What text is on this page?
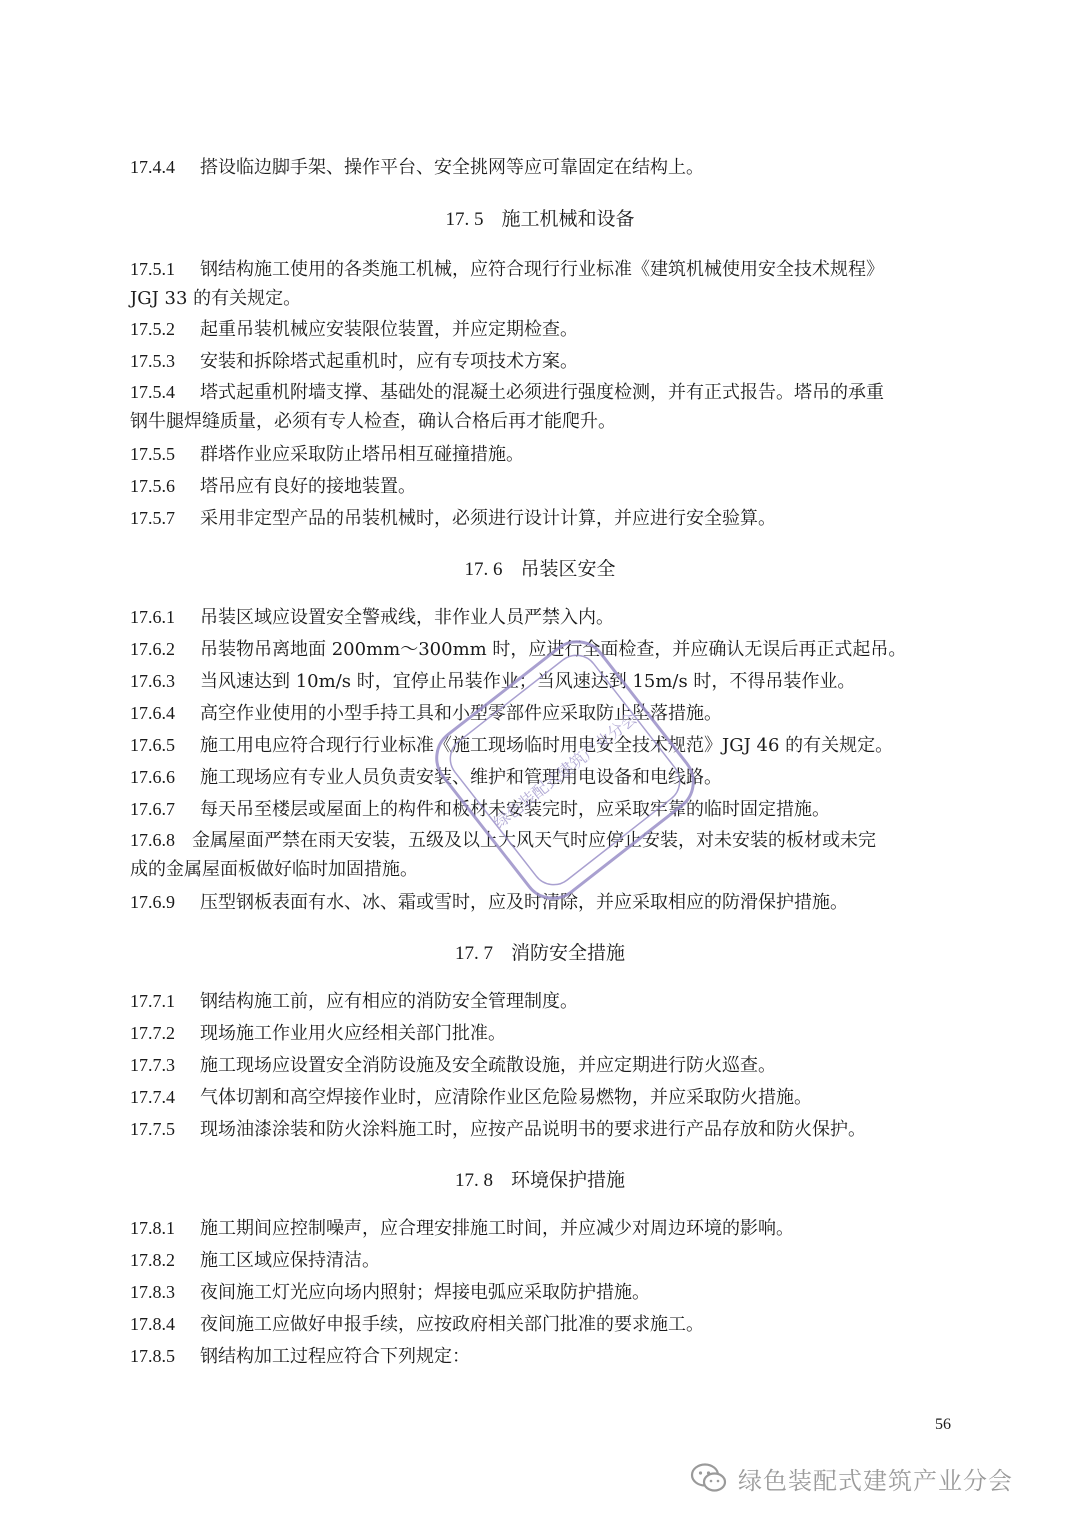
17.4.4 搭设临边脚手架、操作平台、安全挑网等应可靠固定在结构上。
17. 5 施工机械和设备
17.5.1 钢结构施工使用的各类施工机械，应符合现行行业标准《建筑机械使用安全技术规程》
JGJ 33 的有关规定。
17.5.2 起重吊装机械应安装限位装置，并应定期检查。
17.5.3 安装和拆除塔式起重机时，应有专项技术方案。
17.5.4 塔式起重机附墙支撑、基础处的混凝土必须进行强度检测，并有正式报告。塔吊的承重
钢牛腿焊缝质量，必须有专人检查，确认合格后再才能爬升。
17.5.5 群塔作业应采取防止塔吊相互碰撞措施。
17.5.6 塔吊应有良好的接地装置。
17.5.7 采用非定型产品的吊装机械时，必须进行设计计算，并应进行安全验算。
17. 6 吊装区安全
17.6.1 吊装区域应设置安全警戒线，非作业人员严禁入内。
17.6.2 吊装物吊离地面 200mm～300mm 时，应进行全面检查，并应确认无误后再正式起吊。
17.6.3 当风速达到 10m/s 时，宜停止吊装作业；当风速达到 15m/s 时，不得吊装作业。
17.6.4 高空作业使用的小型手持工具和小型零部件应采取防止坠落措施。
17.6.5 施工用电应符合现行行业标准《施工现场临时用电安全技术规范》JGJ 46 的有关规定。
17.6.6 施工现场应有专业人员负责安装、维护和管理用电设备和电线路。
17.6.7 每天吊至楼层或屋面上的构件和板材未安装完时，应采取牢靠的临时固定措施。
17.6.8 金属屋面严禁在雨天安装，五级及以上大风天气时应停止安装，对未安装的板材或未完
成的金属屋面板做好临时加固措施。
17.6.9 压型钢板表面有水、冰、霜或雪时，应及时清除，并应采取相应的防滑保护措施。
17. 7 消防安全措施
17.7.1 钢结构施工前，应有相应的消防安全管理制度。
17.7.2 现场施工作业用火应经相关部门批准。
17.7.3 施工现场应设置安全消防设施及安全疏散设施，并应定期进行防火巡查。
17.7.4 气体切割和高空焊接作业时，应清除作业区危险易燃物，并应采取防火措施。
17.7.5 现场油漆涂装和防火涂料施工时，应按产品说明书的要求进行产品存放和防火保护。
17. 8 环境保护措施
17.8.1 施工期间应控制噪声，应合理安排施工时间，并应减少对周边环境的影响。
17.8.2 施工区域应保持清洁。
17.8.3 夜间施工灯光应向场内照射；焊接电弧应采取防护措施。
17.8.4 夜间施工应做好申报手续，应按政府相关部门批准的要求施工。
17.8.5 钢结构加工过程应符合下列规定：
绿色装配式建筑产业分会
56
绿色装配式建筑产业分会
